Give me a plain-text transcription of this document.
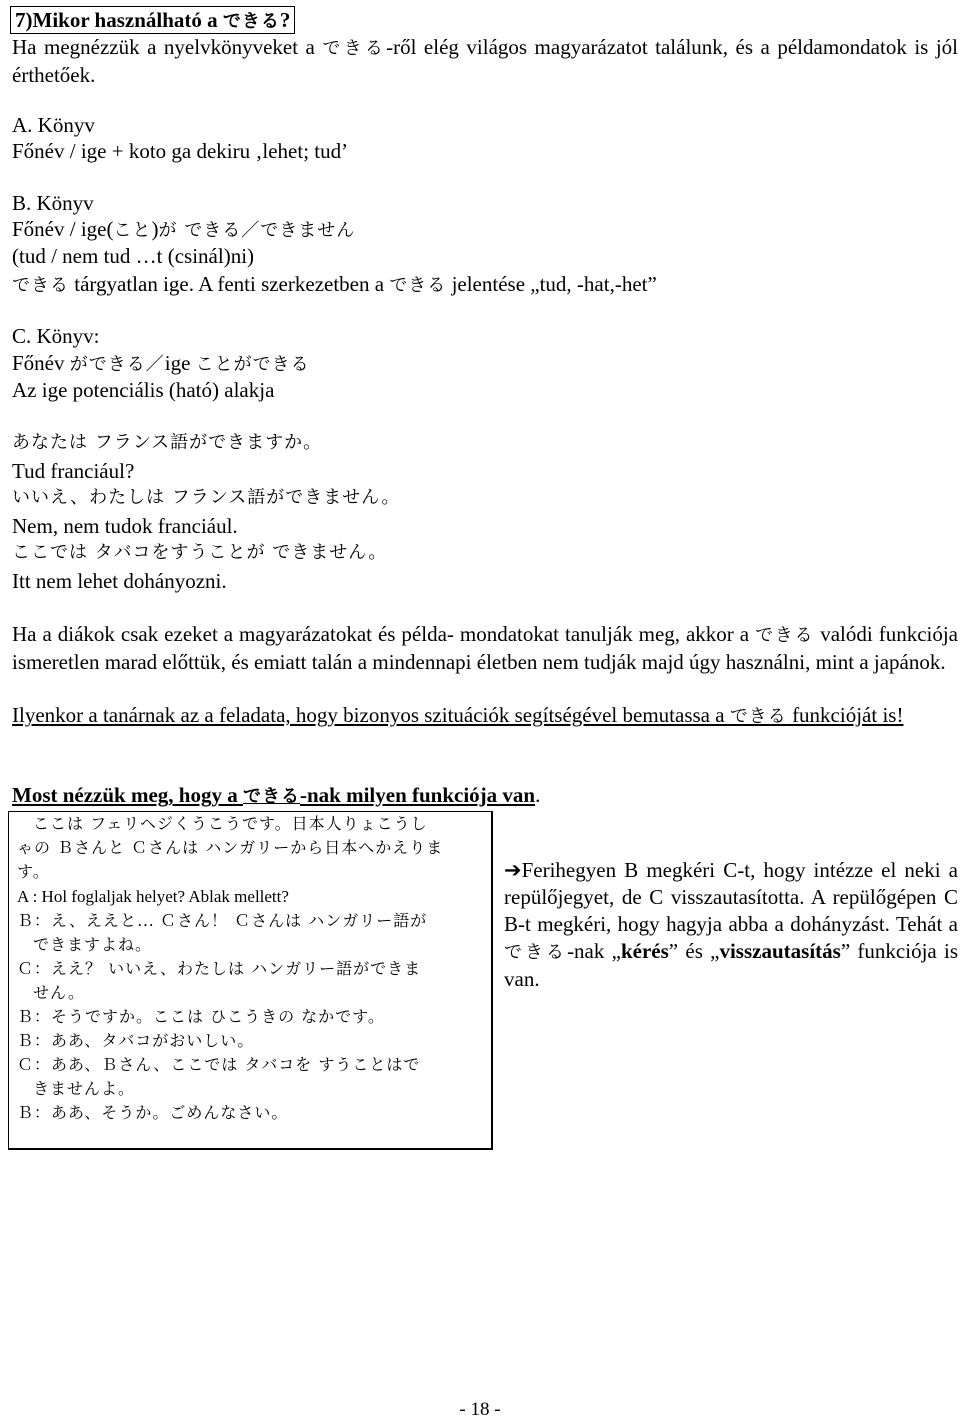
7)Mikor használható a できる?
Ha megnézzük a nyelvkönyveket a できる-ről elég világos magyarázatot találunk, és a példamondatok is jól érthetőek.
A. Könyv
Főnév / ige + koto ga dekiru ‚lehet; tud’
B. Könyv
Főnév / ige(こと)が できる／できません
(tud / nem tud …t (csinál)ni)
できる tárgyatlan ige. A fenti szerkezetben a できる jelentése „tud, -hat,-het”
C. Könyv:
Főnév ができる／ige ことができる
Az ige potenciális (ható) alakja
あなたは フランス語ができますか。
Tud franciául?
いいえ、わたしは フランス語ができません。
Nem, nem tudok franciául.
ここでは タバコをすうことが できません。
Itt nem lehet dohányozni.
Ha a diákok csak ezeket a magyarázatokat és példa- mondatokat tanulják meg, akkor a できる valódi funkciója ismeretlen marad előttük, és emiatt talán a mindennapi életben nem tudják majd úgy használni, mint a japánok.
Ilyenkor a tanárnak az a feladata, hogy bizonyos szituációk segítségével bemutassa a できる funkcióját is!
Most nézzük meg, hogy a できる-nak milyen funkciója van.
ここは フェリヘジくうこうです。日本人りょこうし
ゃの Ｂさんと Ｃさんは ハンガリーから日本へかえりま
す。
A : Hol foglaljak helyet? Ablak mellett?
Ｂ：え、ええと… Ｃさん！ Ｃさんは ハンガリー語が
できますよね。
Ｃ：ええ？ いいえ、わたしは ハンガリー語ができま
せん。
Ｂ：そうですか。ここは ひこうきの なかです。
Ｂ：ああ、タバコがおいしい。
Ｃ：ああ、Ｂさん、ここでは タバコを すうことはで
きませんよ。
Ｂ：ああ、そうか。ごめんなさい。
➔Ferihegyen B megkéri C-t, hogy intézze el neki a repülőjegyet, de C visszautasította. A repülőgépen C B-t megkéri, hogy hagyja abba a dohányzást. Tehát a できる-nak „kérés” és „visszautasítás” funkciója is van.
- 18 -
